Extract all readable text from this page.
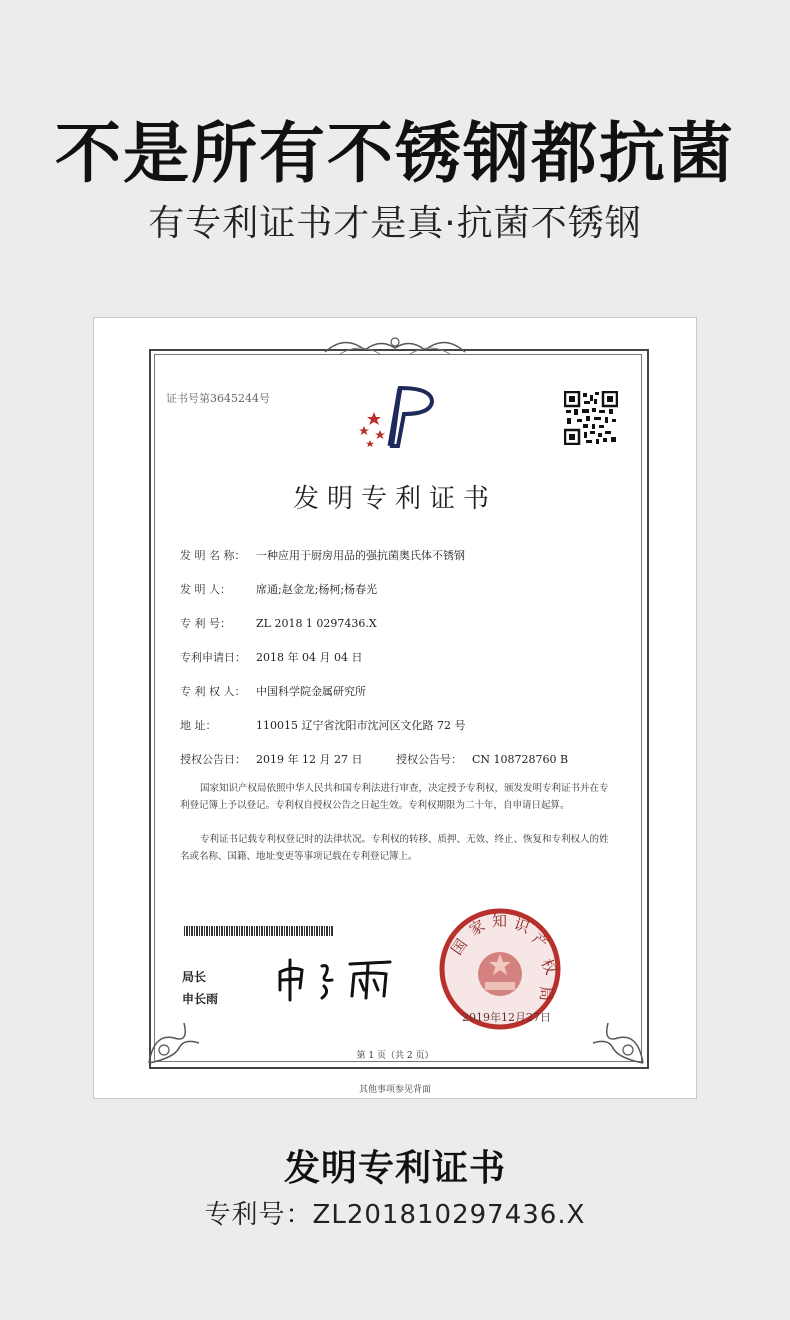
不是所有不锈钢都抗菌
有专利证书才是真·抗菌不锈钢
证书号第3645244号
发明专利证书
发 明 名 称： 一种应用于厨房用品的强抗菌奥氏体不锈钢
发 明 人： 席通;赵金龙;杨柯;杨春光
专 利 号： ZL 2018 1 0297436.X
专利申请日： 2018 年 04 月 04 日
专 利 权 人： 中国科学院金属研究所
地 址：	110015 辽宁省沈阳市沈河区文化路 72 号
授权公告日： 2019 年 12 月 27 日	授权公告号： CN 108728760 B
国家知识产权局依照中华人民共和国专利法进行审查，决定授予专利权，颁发发明专利证书并在专利登记簿上予以登记。专利权自授权公告之日起生效。专利权期限为二十年，自申请日起算。
专利证书记载专利权登记时的法律状况。专利权的转移、质押、无效、终止、恢复和专利权人的姓名或名称、国籍、地址变更等事项记载在专利登记簿上。
局长
申长雨
国
家 知 识
产
权
局
2019年12月27日
第 1 页（共 2 页）
其他事项参见背面
发明专利证书
专利号：ZL201810297436.X
